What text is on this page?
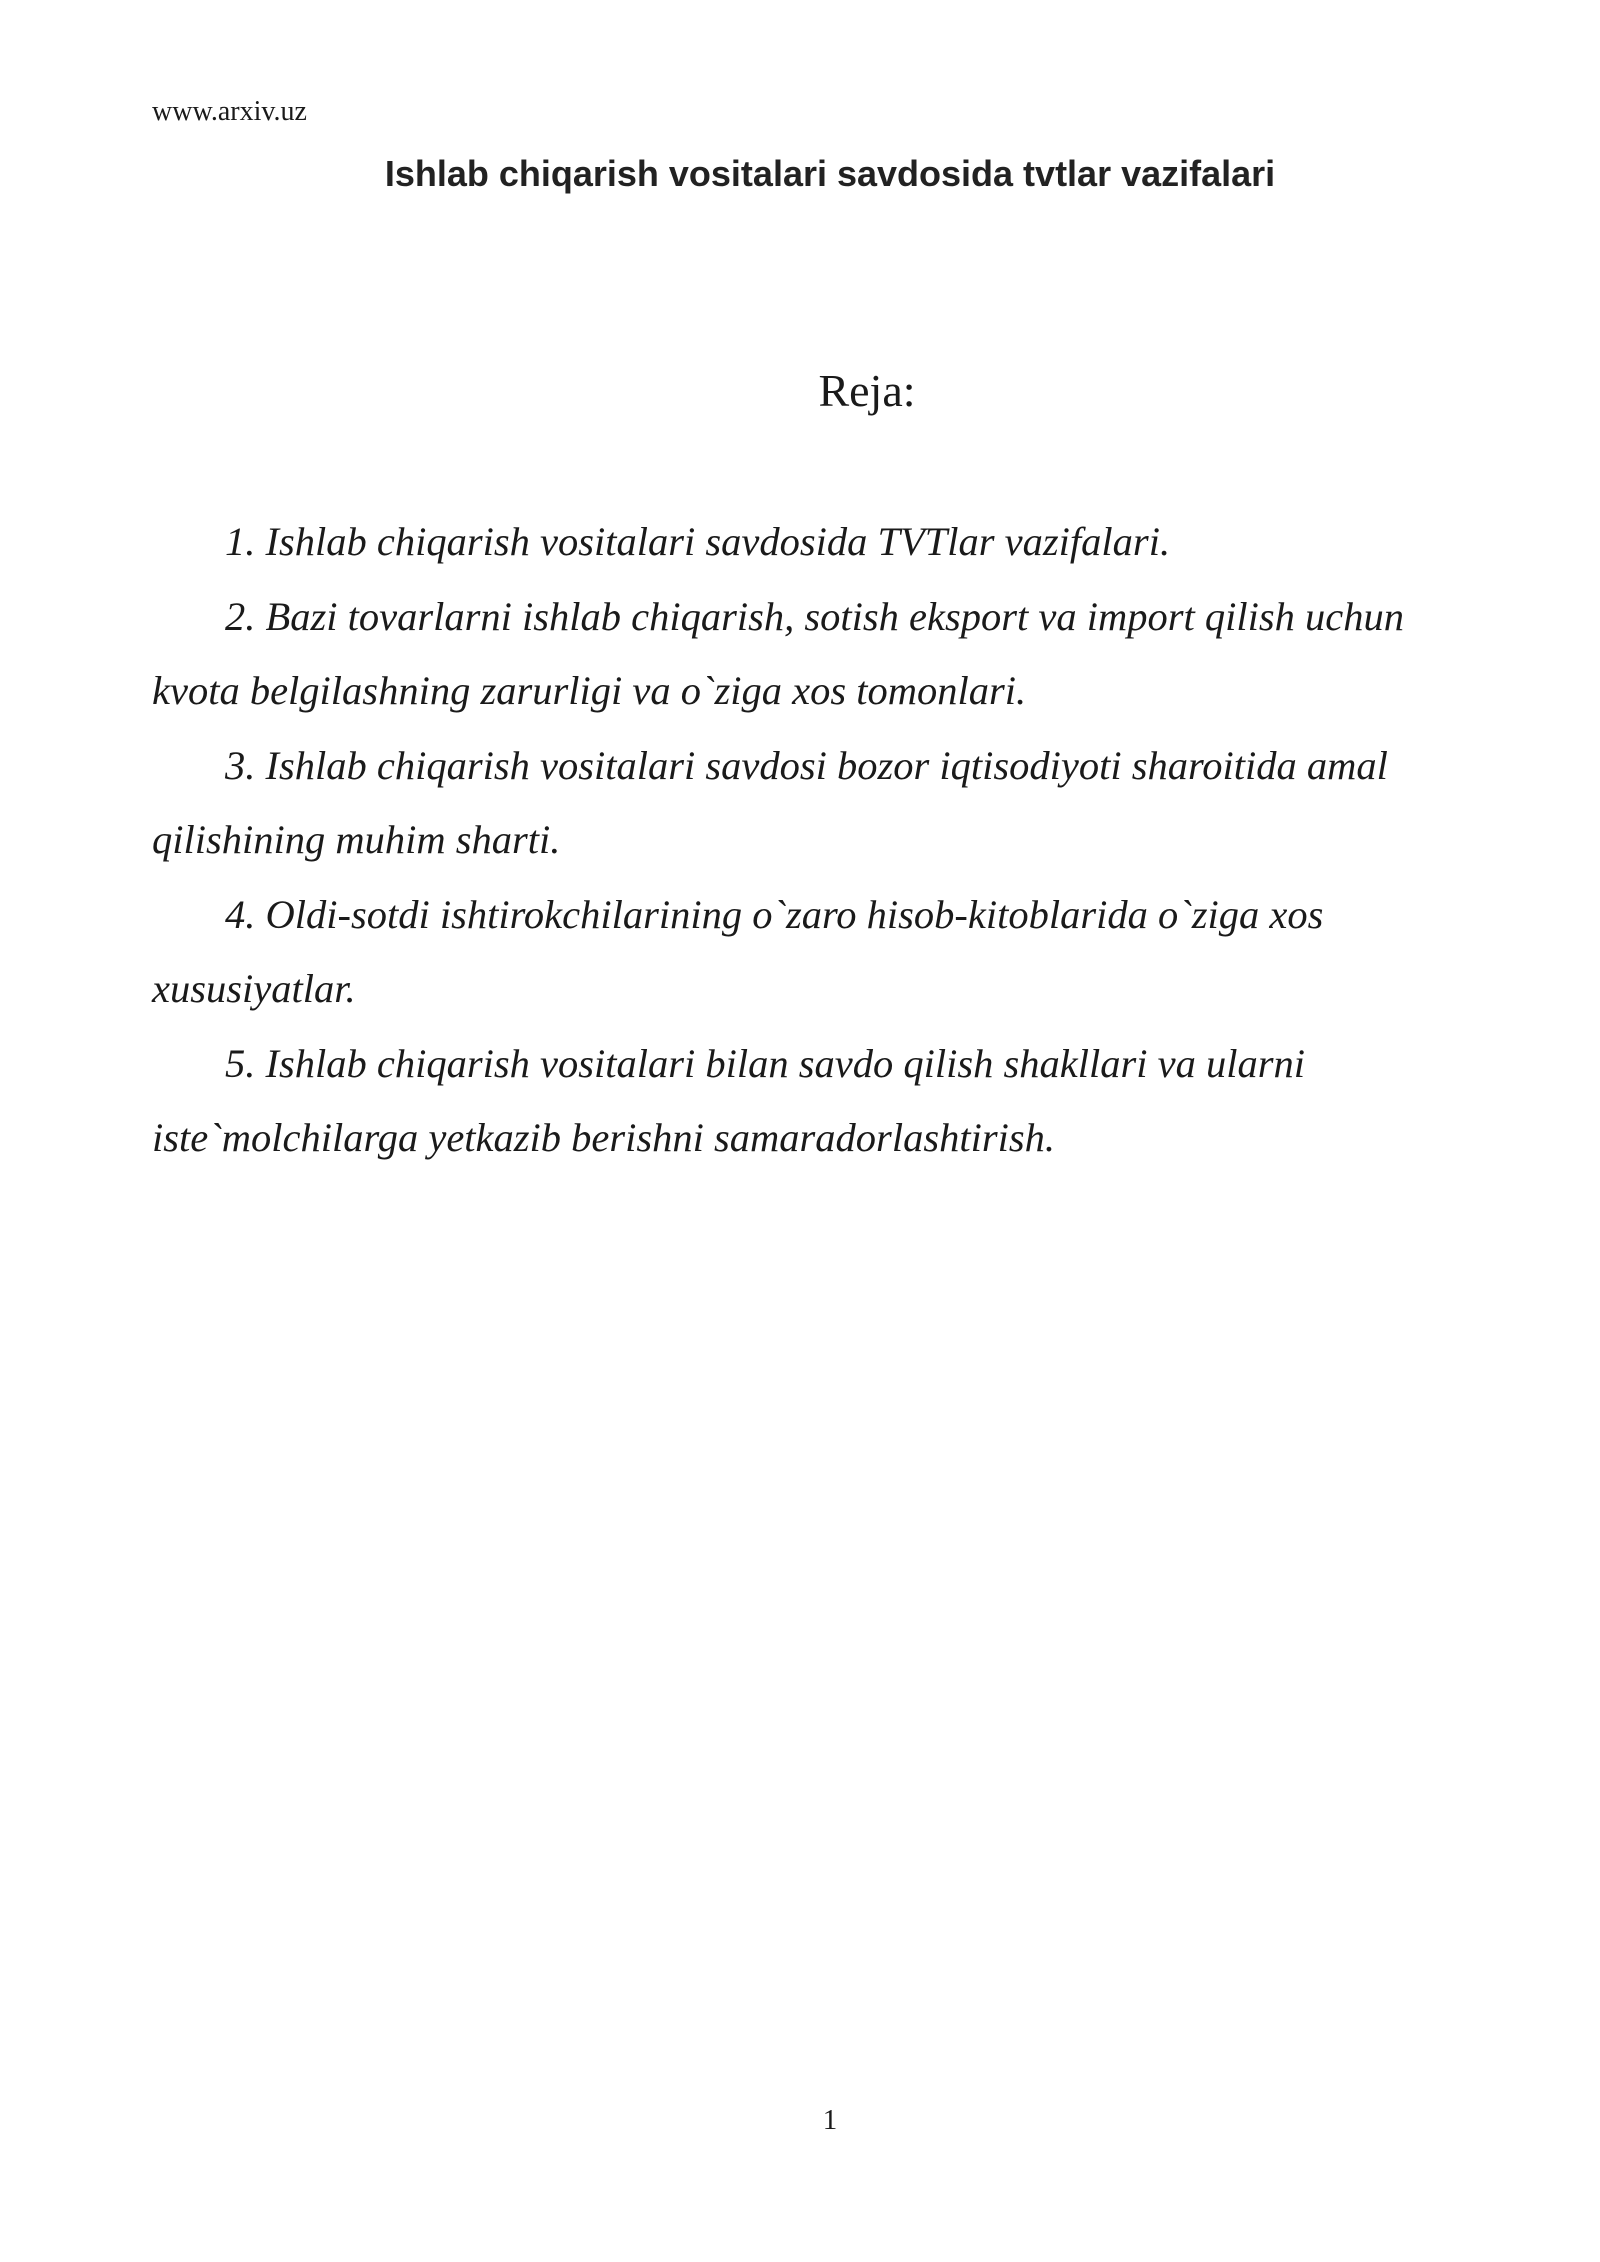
www.arxiv.uz
Ishlab chiqarish vositalari savdosida tvtlar vazifalari
Reja:
1. Ishlab chiqarish vositalari savdosida TVTlar vazifalari.
2. Bazi tovarlarni ishlab chiqarish, sotish eksport va import qilish uchun kvota belgilashning zarurligi va o`ziga xos tomonlari.
3. Ishlab chiqarish vositalari savdosi bozor iqtisodiyoti sharoitida amal qilishining muhim sharti.
4. Oldi-sotdi ishtirokchilarining o`zaro hisob-kitoblarida o`ziga xos xususiyatlar.
5. Ishlab chiqarish vositalari bilan savdo qilish shakllari va ularni iste`molchilarga yetkazib berishni samaradorlashtirish.
1
